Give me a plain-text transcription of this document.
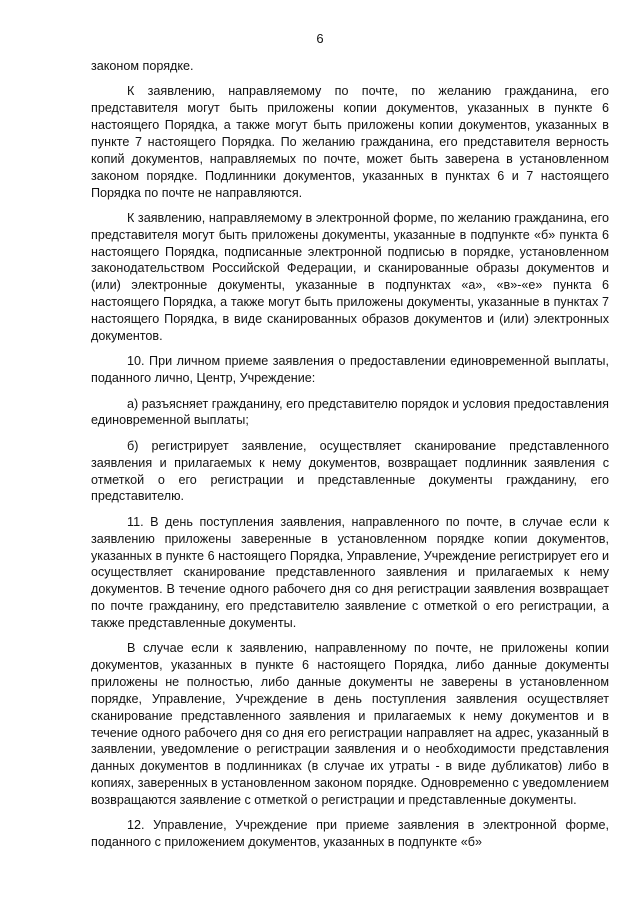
6

законом порядке.

К заявлению, направляемому по почте, по желанию гражданина, его представителя могут быть приложены копии документов, указанных в пункте 6 настоящего Порядка, а также могут быть приложены копии документов, указанных в пункте 7 настоящего Порядка. По желанию гражданина, его представителя верность копий документов, направляемых по почте, может быть заверена в установленном законом порядке. Подлинники документов, указанных в пунктах 6 и 7 настоящего Порядка по почте не направляются.

К заявлению, направляемому в электронной форме, по желанию гражданина, его представителя могут быть приложены документы, указанные в подпункте «б» пункта 6 настоящего Порядка, подписанные электронной подписью в порядке, установленном законодательством Российской Федерации, и сканированные образы документов и (или) электронные документы, указанные в подпунктах «а», «в»-«е» пункта 6 настоящего Порядка, а также могут быть приложены документы, указанные в пунктах 7 настоящего Порядка, в виде сканированных образов документов и (или) электронных документов.

10. При личном приеме заявления о предоставлении единовременной выплаты, поданного лично, Центр, Учреждение:

а) разъясняет гражданину, его представителю порядок и условия предоставления единовременной выплаты;

б) регистрирует заявление, осуществляет сканирование представленного заявления и прилагаемых к нему документов, возвращает подлинник заявления с отметкой о его регистрации и представленные документы гражданину, его представителю.

11. В день поступления заявления, направленного по почте, в случае если к заявлению приложены заверенные в установленном порядке копии документов, указанных в пункте 6 настоящего Порядка, Управление, Учреждение регистрирует его и осуществляет сканирование представленного заявления и прилагаемых к нему документов. В течение одного рабочего дня со дня регистрации заявления возвращает по почте гражданину, его представителю заявление с отметкой о его регистрации, а также представленные документы.

В случае если к заявлению, направленному по почте, не приложены копии документов, указанных в пункте 6 настоящего Порядка, либо данные документы приложены не полностью, либо данные документы не заверены в установленном порядке, Управление, Учреждение в день поступления заявления осуществляет сканирование представленного заявления и прилагаемых к нему документов и в течение одного рабочего дня со дня его регистрации направляет на адрес, указанный в заявлении, уведомление о регистрации заявления и о необходимости представления данных документов в подлинниках (в случае их утраты - в виде дубликатов) либо в копиях, заверенных в установленном законом порядке. Одновременно с уведомлением возвращаются заявление с отметкой о регистрации и представленные документы.

12. Управление, Учреждение при приеме заявления в электронной форме, поданного с приложением документов, указанных в подпункте «б»
